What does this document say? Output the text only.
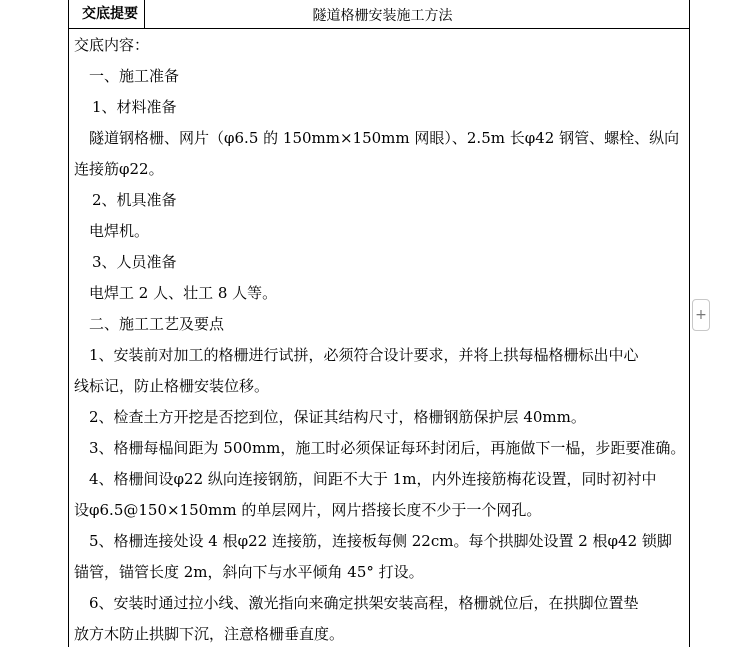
交底提要	隧道格栅安装施工方法
交底内容：
一、施工准备
1、材料准备
隧道钢格栅、网片（φ6.5 的 150mm×150mm 网眼）、2.5m 长φ42 钢管、螺栓、纵向
连接筋φ22。
2、机具准备
电焊机。
3、人员准备
电焊工 2 人、壮工 8 人等。
二、施工工艺及要点
1、安装前对加工的格栅进行试拼，必须符合设计要求，并将上拱每榀格栅标出中心
线标记，防止格栅安装位移。
2、检查土方开挖是否挖到位，保证其结构尺寸，格栅钢筋保护层 40mm。
3、格栅每榀间距为 500mm，施工时必须保证每环封闭后，再施做下一榀，步距要准确。
4、格栅间设φ22 纵向连接钢筋，间距不大于 1m，内外连接筋梅花设置，同时初衬中
设φ6.5@150×150mm 的单层网片，网片搭接长度不少于一个网孔。
5、格栅连接处设 4 根φ22 连接筋，连接板每侧 22cm。每个拱脚处设置 2 根φ42 锁脚
锚管，锚管长度 2m，斜向下与水平倾角 45° 打设。
6、安装时通过拉小线、激光指向来确定拱架安装高程，格栅就位后，在拱脚位置垫
放方木防止拱脚下沉，注意格栅垂直度。
+
